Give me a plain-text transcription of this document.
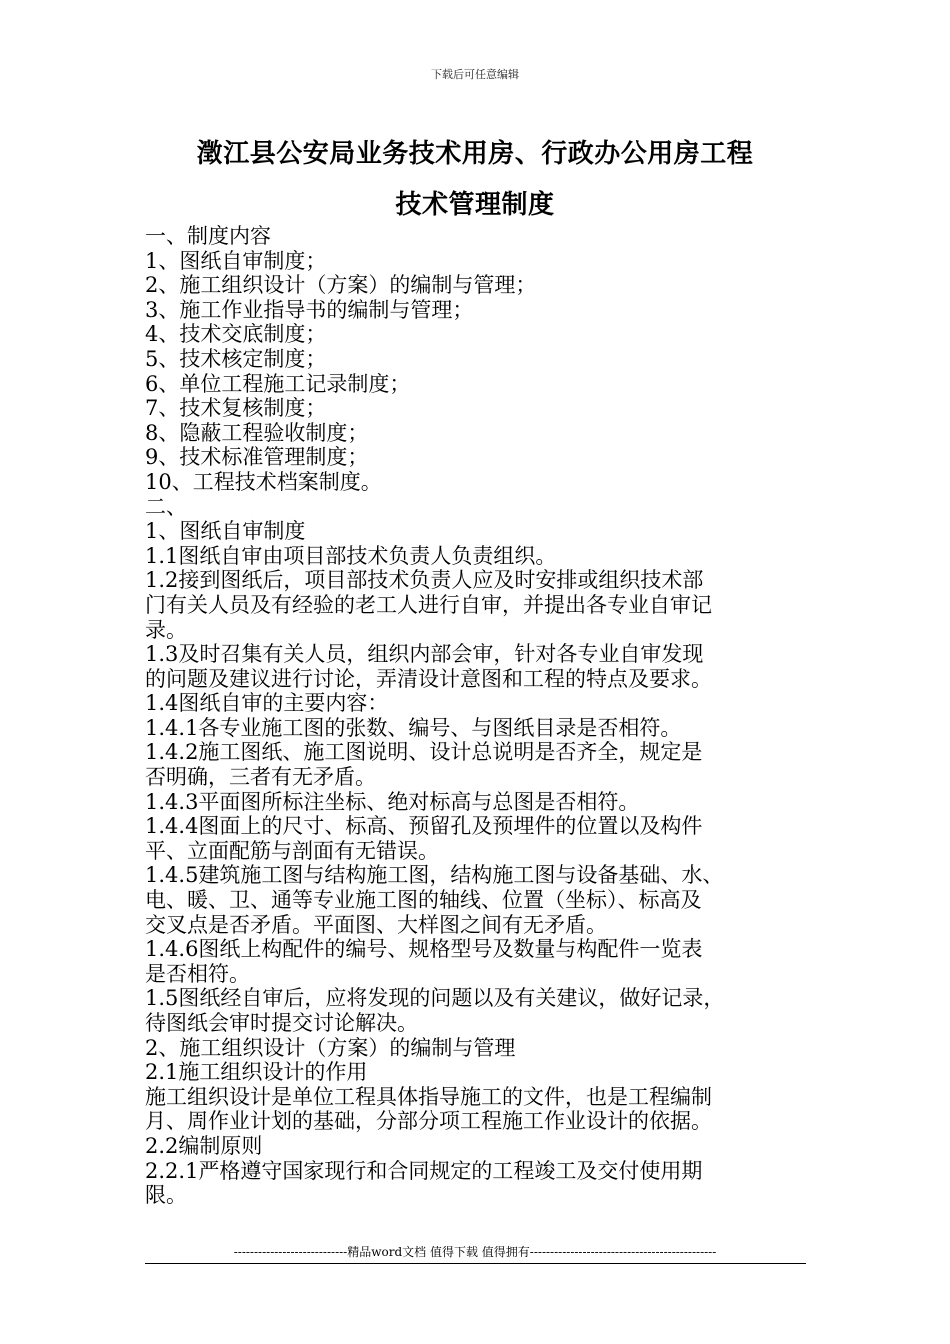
下载后可任意编辑
澂江县公安局业务技术用房、行政办公用房工程
技术管理制度
一、制度内容
1、图纸自审制度；
2、施工组织设计（方案）的编制与管理；
3、施工作业指导书的编制与管理；
4、技术交底制度；
5、技术核定制度；
6、单位工程施工记录制度；
7、技术复核制度；
8、隐蔽工程验收制度；
9、技术标准管理制度；
10、工程技术档案制度。
二、
1、图纸自审制度
1.1图纸自审由项目部技术负责人负责组织。
1.2接到图纸后，项目部技术负责人应及时安排或组织技术部
门有关人员及有经验的老工人进行自审，并提出各专业自审记
录。
1.3及时召集有关人员，组织内部会审，针对各专业自审发现
的问题及建议进行讨论，弄清设计意图和工程的特点及要求。
1.4图纸自审的主要内容：
1.4.1各专业施工图的张数、编号、与图纸目录是否相符。
1.4.2施工图纸、施工图说明、设计总说明是否齐全，规定是
否明确，三者有无矛盾。
1.4.3平面图所标注坐标、绝对标高与总图是否相符。
1.4.4图面上的尺寸、标高、预留孔及预埋件的位置以及构件
平、立面配筋与剖面有无错误。
1.4.5建筑施工图与结构施工图，结构施工图与设备基础、水、
电、暖、卫、通等专业施工图的轴线、位置（坐标）、标高及
交叉点是否矛盾。平面图、大样图之间有无矛盾。
1.4.6图纸上构配件的编号、规格型号及数量与构配件一览表
是否相符。
1.5图纸经自审后，应将发现的问题以及有关建议，做好记录，
待图纸会审时提交讨论解决。
2、施工组织设计（方案）的编制与管理
2.1施工组织设计的作用
施工组织设计是单位工程具体指导施工的文件，也是工程编制
月、周作业计划的基础，分部分项工程施工作业设计的依据。
2.2编制原则
2.2.1严格遵守国家现行和合同规定的工程竣工及交付使用期
限。
----------------------------精品word文档 值得下载 值得拥有----------------------------------------------
